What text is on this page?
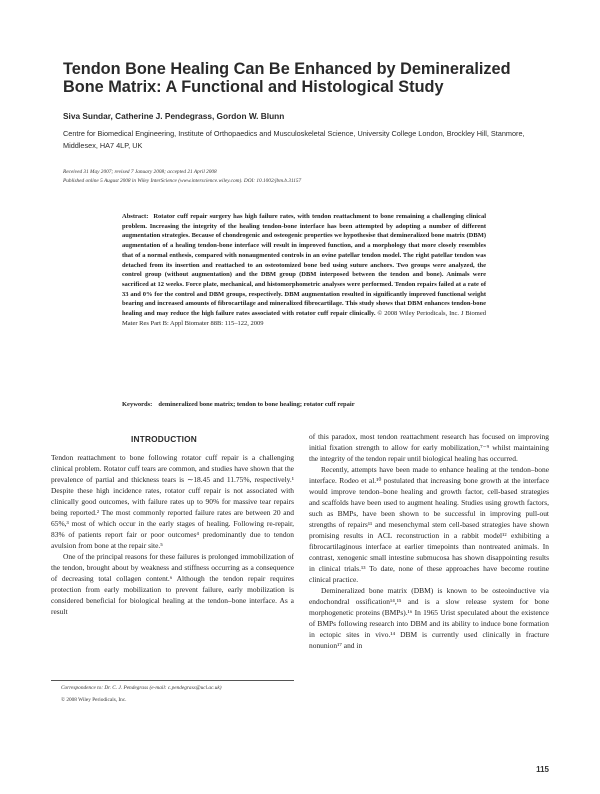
Tendon Bone Healing Can Be Enhanced by Demineralized Bone Matrix: A Functional and Histological Study
Siva Sundar, Catherine J. Pendegrass, Gordon W. Blunn
Centre for Biomedical Engineering, Institute of Orthopaedics and Musculoskeletal Science, University College London, Brockley Hill, Stanmore, Middlesex, HA7 4LP, UK
Received 31 May 2007; revised 7 January 2008; accepted 21 April 2008
Published online 5 August 2008 in Wiley InterScience (www.interscience.wiley.com). DOI: 10.1002/jbm.b.31157
Abstract: Rotator cuff repair surgery has high failure rates, with tendon reattachment to bone remaining a challenging clinical problem. Increasing the integrity of the healing tendon-bone interface has been attempted by adopting a number of different augmentation strategies. Because of chondrogenic and osteogenic properties we hypothesise that demineralized bone matrix (DBM) augmentation of a healing tendon-bone interface will result in improved function, and a morphology that more closely resembles that of a normal enthesis, compared with nonaugmented controls in an ovine patellar tendon model. The right patellar tendon was detached from its insertion and reattached to an osteotomized bone bed using suture anchors. Two groups were analyzed, the control group (without augmentation) and the DBM group (DBM interposed between the tendon and bone). Animals were sacrificed at 12 weeks. Force plate, mechanical, and histomorphometric analyses were performed. Tendon repairs failed at a rate of 33 and 0% for the control and DBM groups, respectively. DBM augmentation resulted in significantly improved functional weight bearing and increased amounts of fibrocartilage and mineralized fibrocartilage. This study shows that DBM enhances tendon-bone healing and may reduce the high failure rates associated with rotator cuff repair clinically. © 2008 Wiley Periodicals, Inc. J Biomed Mater Res Part B: Appl Biomater 88B: 115–122, 2009
Keywords: demineralized bone matrix; tendon to bone healing; rotator cuff repair
INTRODUCTION

Tendon reattachment to bone following rotator cuff repair is a challenging clinical problem. Rotator cuff tears are common, and studies have shown that the prevalence of partial and thickness tears is ∼18.45 and 11.75%, respectively.¹ Despite these high incidence rates, rotator cuff repair is not associated with clinically good outcomes, with failure rates up to 90% for massive tear repairs being reported.² The most commonly reported failure rates are between 20 and 65%,³ most of which occur in the early stages of healing. Following re-repair, 83% of patients report fair or poor outcomes⁴ predominantly due to tendon avulsion from bone at the repair site.⁵

One of the principal reasons for these failures is prolonged immobilization of the tendon, brought about by weakness and stiffness occurring as a consequence of decreasing total collagen content.⁶ Although the tendon repair requires protection from early mobilization to prevent failure, early mobilization is considered beneficial for biological healing at the tendon–bone interface. As a result

of this paradox, most tendon reattachment research has focused on improving initial fixation strength to allow for early mobilization,⁷⁻⁹ whilst maintaining the integrity of the tendon repair until biological healing has occurred.

Recently, attempts have been made to enhance healing at the tendon–bone interface. Rodeo et al.¹⁰ postulated that increasing bone growth at the interface would improve tendon–bone healing and growth factor, cell-based strategies and scaffolds have been used to augment healing. Studies using growth factors, such as BMPs, have been shown to be successful in improving pull-out strengths of repairs¹¹ and mesenchymal stem cell-based strategies have shown promising results in ACL reconstruction in a rabbit model¹² exhibiting a fibrocartilaginous interface at earlier timepoints than nontreated animals. In contrast, xenogenic small intestine submucosa has shown disappointing results in clinical trials.¹³ To date, none of these approaches have become routine clinical practice.

Demineralized bone matrix (DBM) is known to be osteoinductive via endochondral ossification¹⁴,¹⁵ and is a slow release system for bone morphogenetic proteins (BMPs).¹⁶ In 1965 Urist speculated about the existence of BMPs following research into DBM and its ability to induce bone formation in ectopic sites in vivo.¹⁴ DBM is currently used clinically in fracture nonunion¹⁷ and in

Correspondence to: Dr. C. J. Pendegrass (e-mail: c.pendegrass@ucl.ac.uk)

© 2008 Wiley Periodicals, Inc.

115
